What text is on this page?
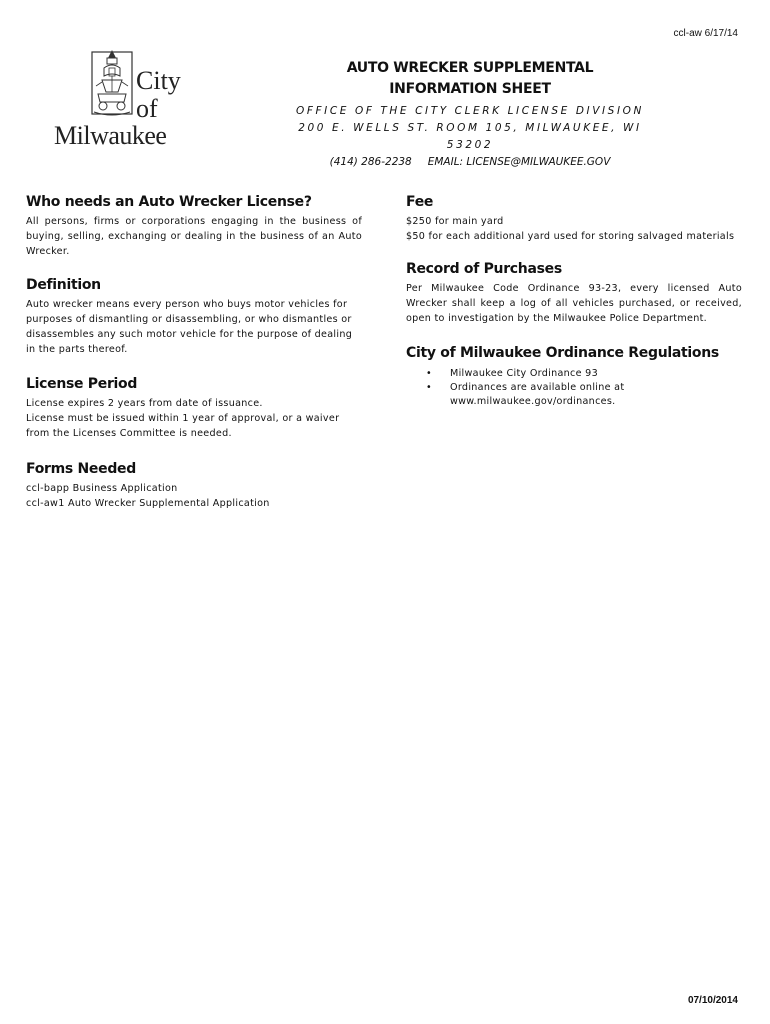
ccl-aw 6/17/14
City
of
Milwaukee
AUTO WRECKER SUPPLEMENTAL
INFORMATION SHEET
OFFICE OF THE CITY CLERK LICENSE DIVISION
200 E. WELLS ST. ROOM 105, MILWAUKEE, WI 53202
(414) 286-2238 EMAIL: LICENSE@MILWAUKEE.GOV
Who needs an Auto Wrecker License?
All persons, firms or corporations engaging in the business of buying, selling, exchanging or dealing in the business of an Auto Wrecker.
Definition
Auto wrecker means every person who buys motor vehicles for purposes of dismantling or disassembling, or who dismantles or disassembles any such motor vehicle for the purpose of dealing in the parts thereof.
License Period
License expires 2 years from date of issuance.
License must be issued within 1 year of approval, or a waiver
from the Licenses Committee is needed.
Forms Needed
ccl-bapp Business Application
ccl-aw1 Auto Wrecker Supplemental Application
Fee
$250 for main yard
$50 for each additional yard used for storing salvaged materials
Record of Purchases
Per Milwaukee Code Ordinance 93-23, every licensed Auto Wrecker shall keep a log of all vehicles purchased, or received, open to investigation by the Milwaukee Police Department.
City of Milwaukee Ordinance Regulations
• Milwaukee City Ordinance 93
• Ordinances are available online at www.milwaukee.gov/ordinances.
07/10/2014
